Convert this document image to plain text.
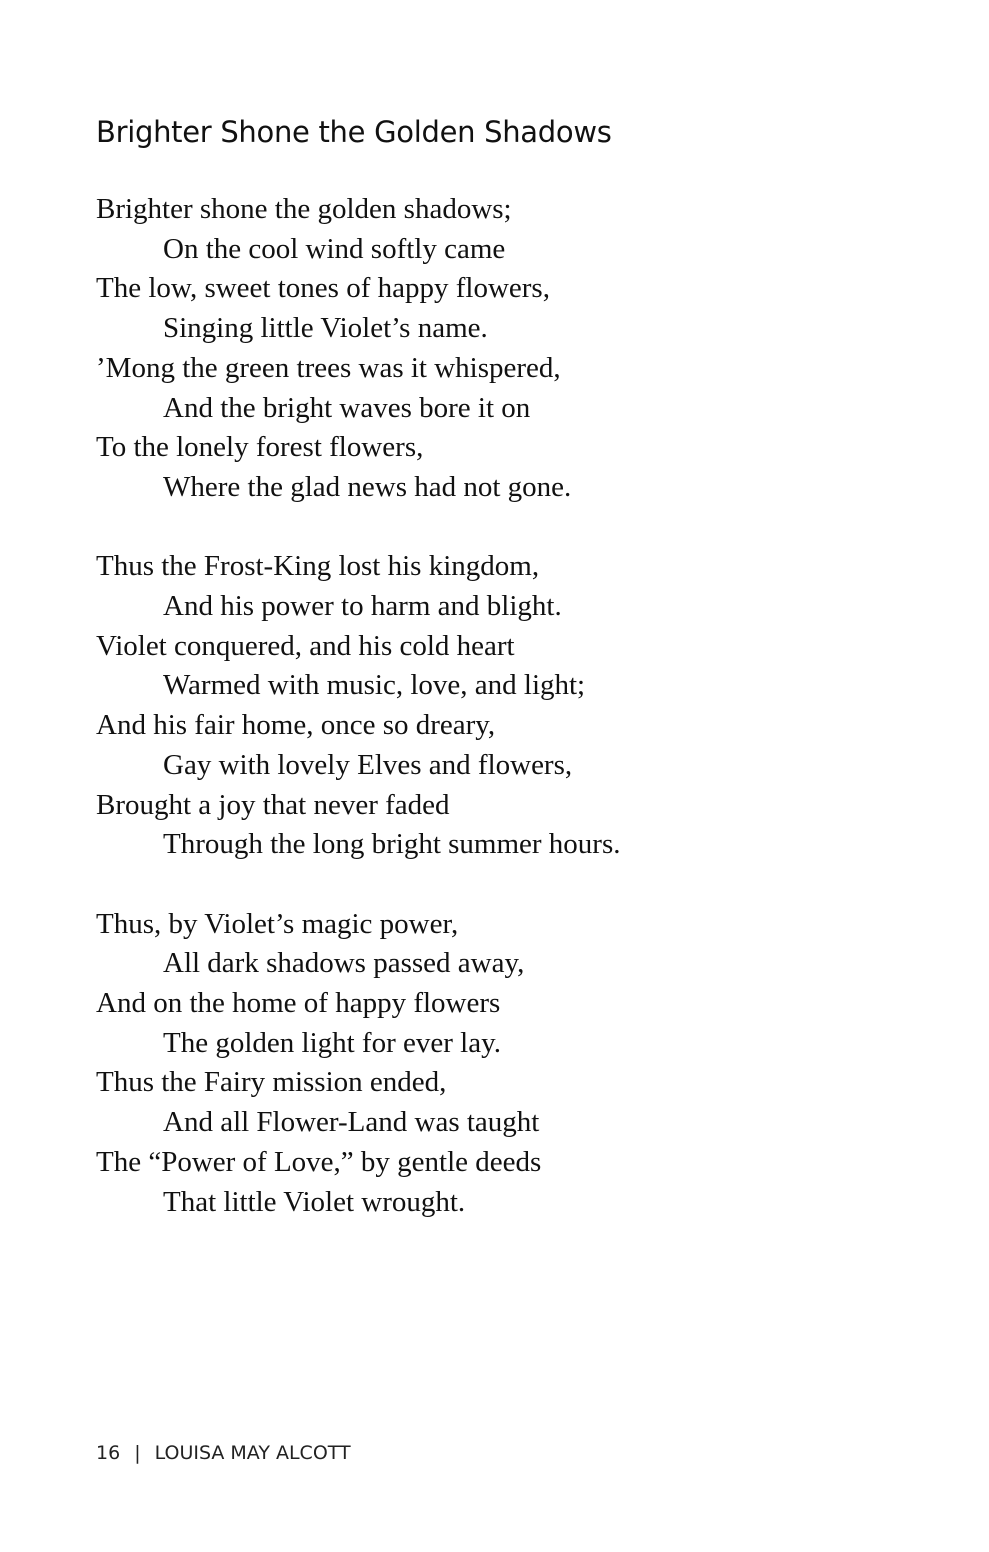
Brighter Shone the Golden Shadows
Brighter shone the golden shadows;
On the cool wind softly came
The low, sweet tones of happy flowers,
Singing little Violet’s name.
’Mong the green trees was it whispered,
And the bright waves bore it on
To the lonely forest flowers,
Where the glad news had not gone.
Thus the Frost-King lost his kingdom,
And his power to harm and blight.
Violet conquered, and his cold heart
Warmed with music, love, and light;
And his fair home, once so dreary,
Gay with lovely Elves and flowers,
Brought a joy that never faded
Through the long bright summer hours.
Thus, by Violet’s magic power,
All dark shadows passed away,
And on the home of happy flowers
The golden light for ever lay.
Thus the Fairy mission ended,
And all Flower-Land was taught
The “Power of Love,” by gentle deeds
That little Violet wrought.
16 | LOUISA MAY ALCOTT
